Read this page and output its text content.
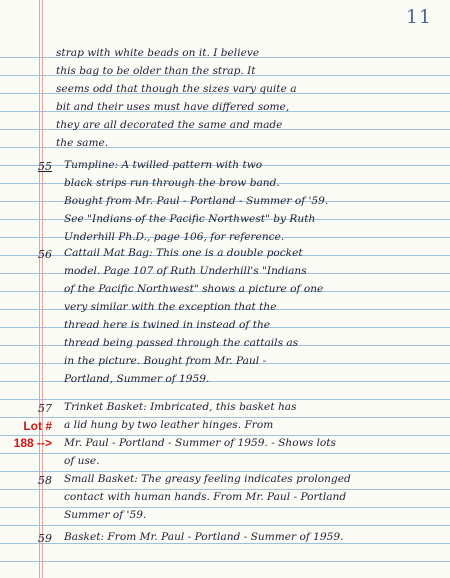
11
strap with white beads on it. I believe
this bag to be older than the strap. It
seems odd that though the sizes vary quite a
bit and their uses must have differed some,
they are all decorated the same and made
the same.
55 Tumpline: A twilled pattern with two
black strips run through the brow band.
Bought from Mr. Paul - Portland - Summer of '59.
See "Indians of the Pacific Northwest" by Ruth
Underhill Ph.D., page 106, for reference.
56 Cattail Mat Bag: This one is a double pocket
model. Page 107 of Ruth Underhill's "Indians
of the Pacific Northwest" shows a picture of one
very similar with the exception that the
thread here is twined in instead of the
thread being passed through the cattails as
in the picture. Bought from Mr. Paul -
Portland, Summer of 1959.
57 Trinket Basket: Imbricated, this basket has
a lid hung by two leather hinges. From
Mr. Paul - Portland - Summer of 1959. - Shows lots
of use.
Lot #
188 -->
58 Small Basket: The greasy feeling indicates prolonged
contact with human hands. From Mr. Paul - Portland
Summer of '59.
59 Basket: From Mr. Paul - Portland - Summer of 1959.
